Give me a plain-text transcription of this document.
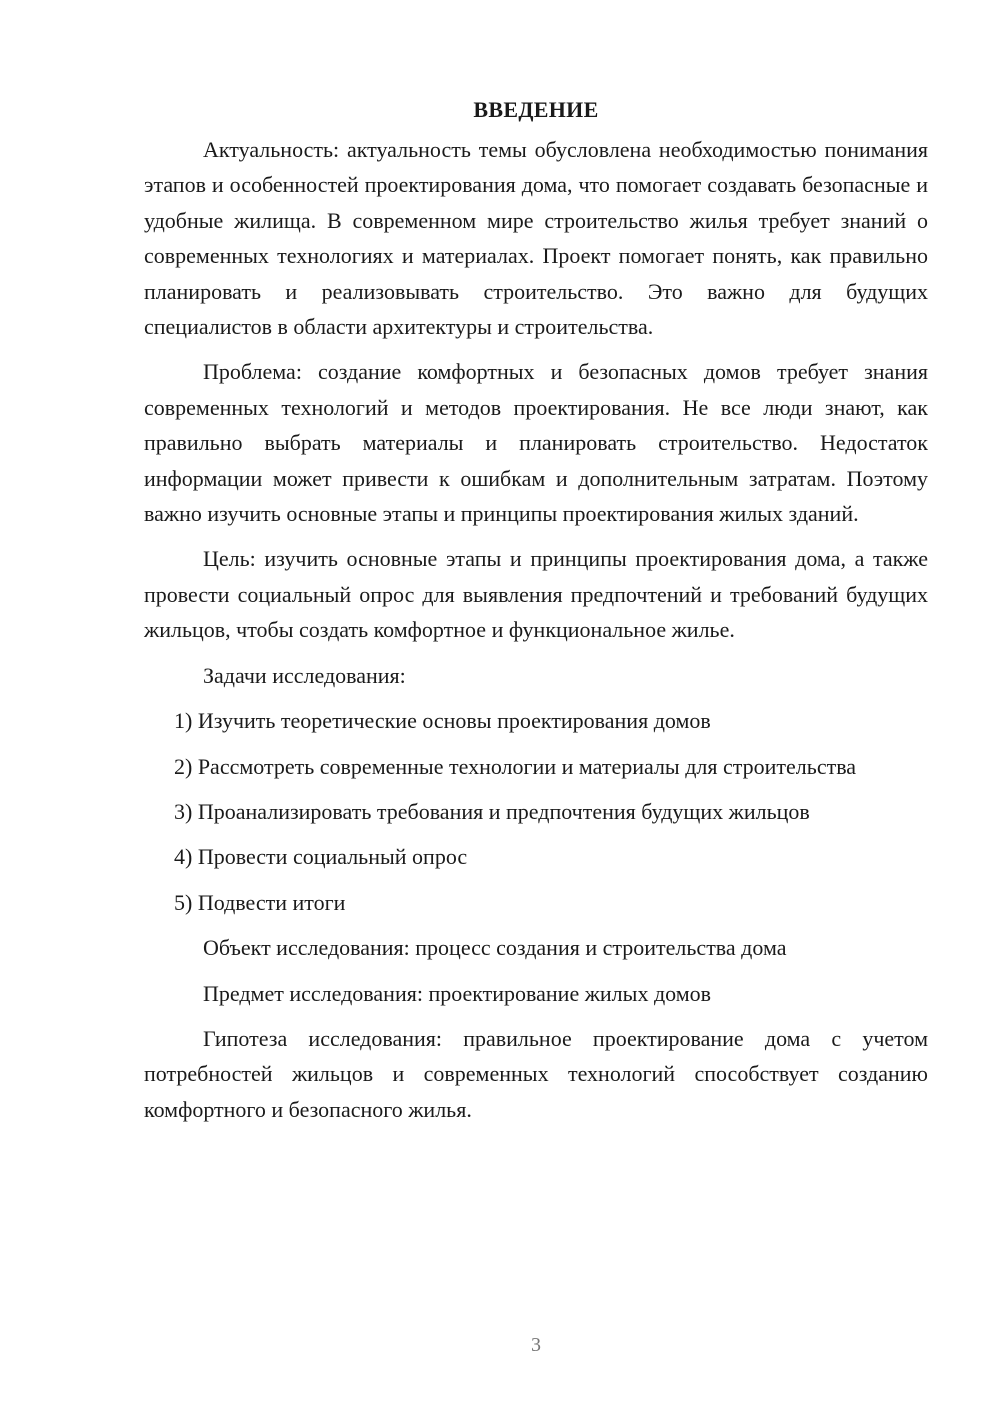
ВВЕДЕНИЕ

Актуальность: актуальность темы обусловлена необходимостью понимания этапов и особенностей проектирования дома, что помогает создавать безопасные и удобные жилища. В современном мире строительство жилья требует знаний о современных технологиях и материалах. Проект помогает понять, как правильно планировать и реализовывать строительство. Это важно для будущих специалистов в области архитектуры и строительства.

Проблема: создание комфортных и безопасных домов требует знания современных технологий и методов проектирования. Не все люди знают, как правильно выбрать материалы и планировать строительство. Недостаток информации может привести к ошибкам и дополнительным затратам. Поэтому важно изучить основные этапы и принципы проектирования жилых зданий.

Цель: изучить основные этапы и принципы проектирования дома, а также провести социальный опрос для выявления предпочтений и требований будущих жильцов, чтобы создать комфортное и функциональное жилье.

Задачи исследования:

1) Изучить теоретические основы проектирования домов

2) Рассмотреть современные технологии и материалы для строительства

3) Проанализировать требования и предпочтения будущих жильцов

4) Провести социальный опрос

5) Подвести итоги

Объект исследования: процесс создания и строительства дома

Предмет исследования: проектирование жилых домов

Гипотеза исследования: правильное проектирование дома с учетом потребностей жильцов и современных технологий способствует созданию комфортного и безопасного жилья.

3
